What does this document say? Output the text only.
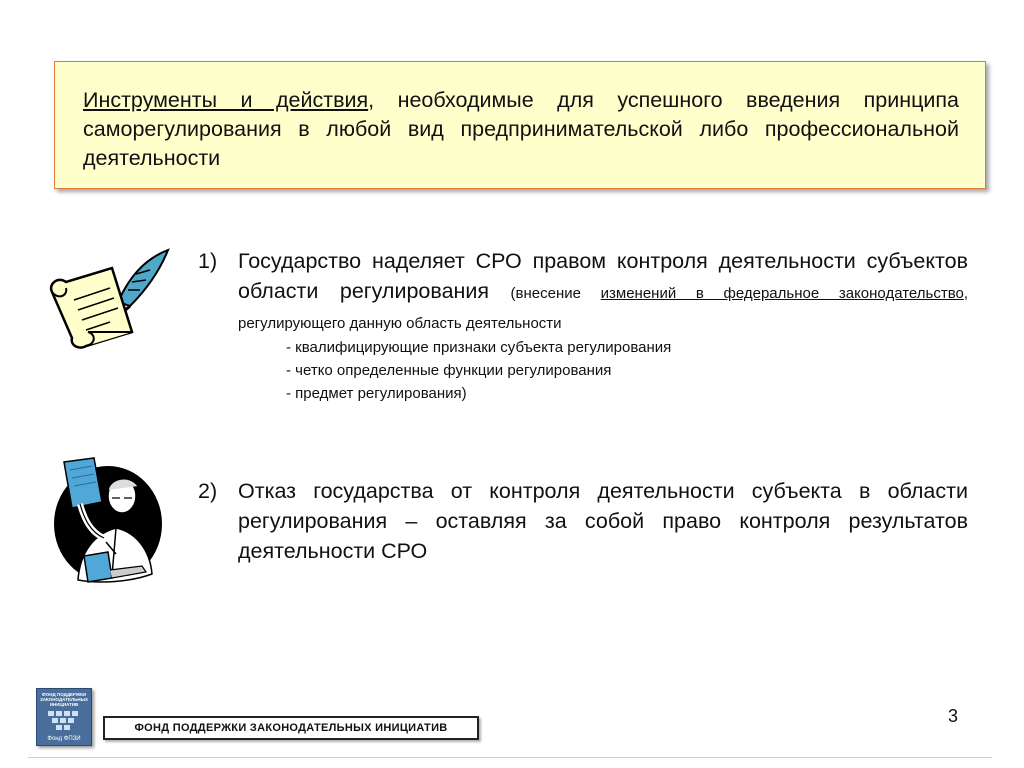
Инструменты и действия, необходимые для успешного введения принципа саморегулирования в любой вид предпринимательской либо профессиональной деятельности

1) Государство наделяет СРО правом контроля деятельности субъектов области регулирования (внесение изменений в федеральное законодательство, регулирующего данную область деятельности
- квалифицирующие признаки субъекта регулирования
- четко определенные функции регулирования
- предмет регулирования)
2) Отказ государства от контроля деятельности субъекта в области регулирования – оставляя за собой право контроля результатов деятельности СРО
3
ФОНД ПОДДЕРЖКИ ЗАКОНОДАТЕЛЬНЫХ ИНИЦИАТИВ
Фонд ФПЗИ
ФОНД ПОДДЕРЖКИ ЗАКОНОДАТЕЛЬНЫХ ИНИЦИАТИВ
